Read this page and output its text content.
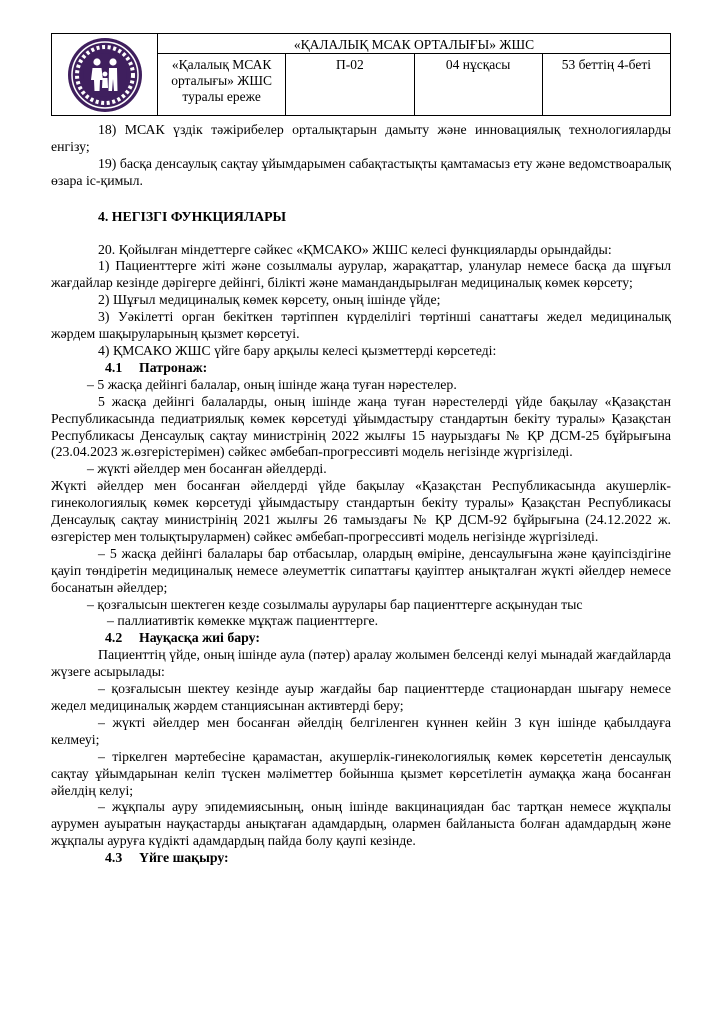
	«ҚАЛАЛЫҚ МСАК ОРТАЛЫҒЫ» ЖШС			
	«Қалалық МСАК орталығы» ЖШС туралы ереже	П-02	04 нұсқасы	53 беттің 4-беті

18) МСАК үздік тәжірибелер орталықтарын дамыту және инновациялық технологияларды енгізу;

19) басқа денсаулық сақтау ұйымдарымен сабақтастықты қамтамасыз ету және ведомствоаралық өзара іс-қимыл.

4. НЕГІЗГІ ФУНКЦИЯЛАРЫ

20. Қойылған міндеттерге сәйкес «ҚМСАКО» ЖШС келесі функцияларды орындайды:

1) Пациенттерге жіті және созылмалы аурулар, жарақаттар, уланулар немесе басқа да шұғыл жағдайлар кезінде дәрігерге дейінгі, білікті және мамандандырылған медициналық көмек көрсету;

2) Шұғыл медициналық көмек көрсету, оның ішінде үйде;

3) Уәкілетті орган бекіткен тәртіппен күрделілігі төртінші санаттағы жедел медициналық жәрдем шақыруларының қызмет көрсетуі.

4) ҚМСАКО ЖШС үйге бару арқылы келесі қызметтерді көрсетеді:

4.1 Патронаж:

– 5 жасқа дейінгі балалар, оның ішінде жаңа туған нәрестелер.

5 жасқа дейінгі балаларды, оның ішінде жаңа туған нәрестелерді үйде бақылау «Қазақстан Республикасында педиатриялық көмек көрсетуді ұйымдастыру стандартын бекіту туралы» Қазақстан Республикасы Денсаулық сақтау министрінің 2022 жылғы 15 наурыздағы № ҚР ДСМ-25 бұйрығына (23.04.2023 ж.өзгерістерімен) сәйкес әмбебап-прогрессивті модель негізінде жүргізіледі.

– жүкті әйелдер мен босанған әйелдерді.

Жүкті әйелдер мен босанған әйелдерді үйде бақылау «Қазақстан Республикасында акушерлік-гинекологиялық көмек көрсетуді ұйымдастыру стандартын бекіту туралы» Қазақстан Республикасы Денсаулық сақтау министрінің 2021 жылғы 26 тамыздағы № ҚР ДСМ-92 бұйрығына (24.12.2022 ж. өзгерістер мен толықтырулармен) сәйкес әмбебап-прогрессивті модель негізінде жүргізіледі.

– 5 жасқа дейінгі балалары бар отбасылар, олардың өміріне, денсаулығына және қауіпсіздігіне қауіп төндіретін медициналық немесе әлеуметтік сипаттағы қауіптер анықталған жүкті әйелдер немесе босанатын әйелдер;

– қозғалысын шектеген кезде созылмалы аурулары бар пациенттерге асқынудан тыс

– паллиативтік көмекке мұқтаж пациенттерге.

4.2 Науқасқа жиі бару:

Пациенттің үйде, оның ішінде аула (пәтер) аралау жолымен белсенді келуі мынадай жағдайларда жүзеге асырылады:

– қозғалысын шектеу кезінде ауыр жағдайы бар пациенттерде стационардан шығару немесе жедел медициналық жәрдем станциясынан активтерді беру;

– жүкті әйелдер мен босанған әйелдің белгіленген күннен кейін 3 күн ішінде қабылдауға келмеуі;

– тіркелген мәртебесіне қарамастан, акушерлік-гинекологиялық көмек көрсететін денсаулық сақтау ұйымдарынан келіп түскен мәліметтер бойынша қызмет көрсетілетін аумаққа жаңа босанған әйелдің келуі;

– жұқпалы ауру эпидемиясының, оның ішінде вакцинациядан бас тартқан немесе жұқпалы аурумен ауыратын науқастарды анықтаған адамдардың, олармен байланыста болған адамдардың және жұқпалы ауруға күдікті адамдардың пайда болу қаупі кезінде.

4.3 Үйге шақыру:
